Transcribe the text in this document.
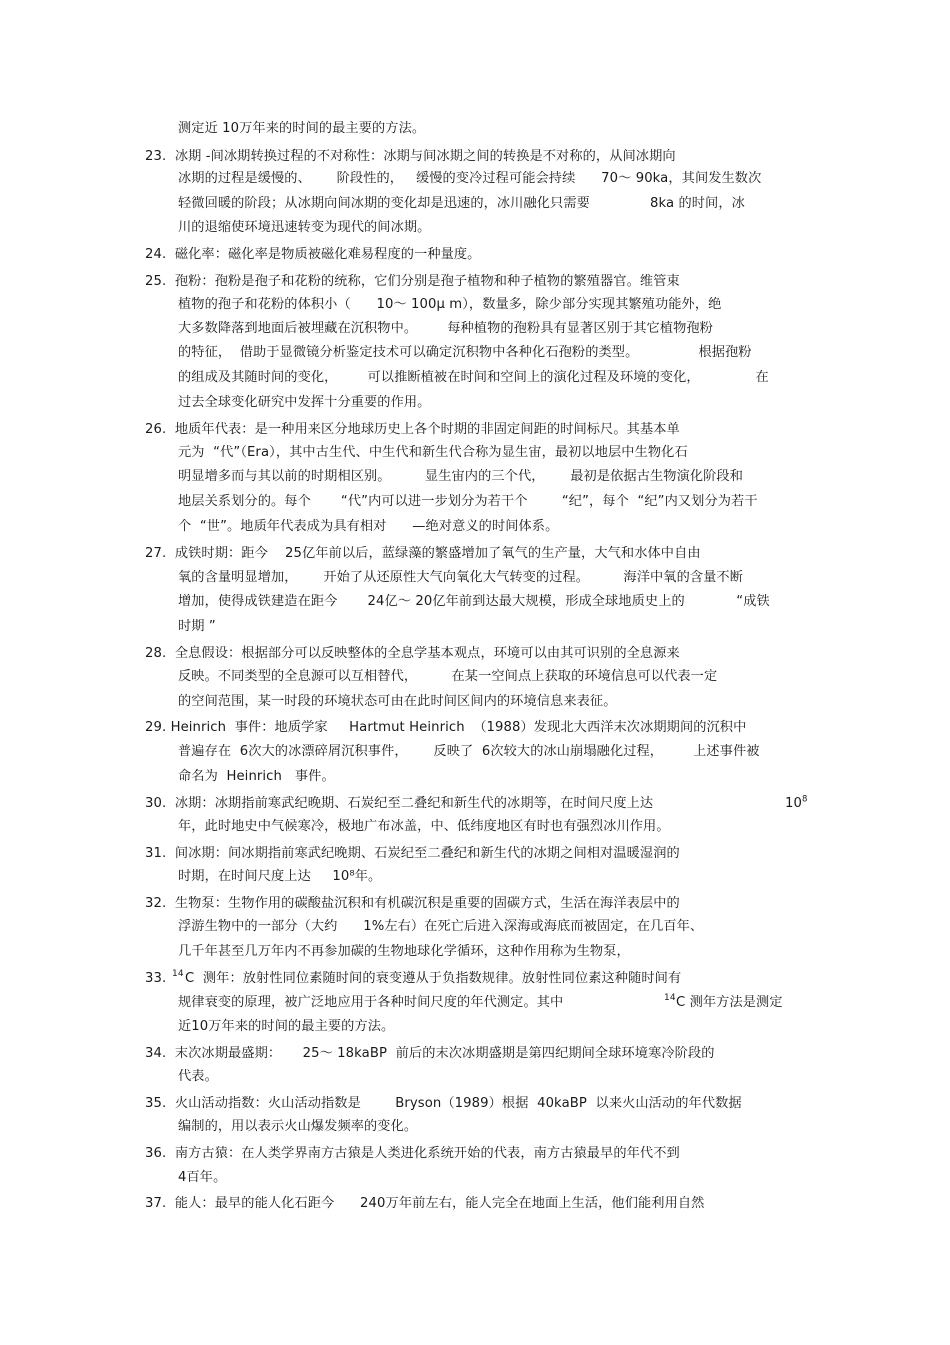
测定近 10万年来的时间的最主要的方法。
23.  冰期 -间冰期转换过程的不对称性：冰期与间冰期之间的转换是不对称的，从间冰期向
冰期的过程是缓慢的、      阶段性的，   缓慢的变冷过程可能会持续      70～ 90ka，其间发生数次
轻微回暖的阶段；从冰期向间冰期的变化却是迅速的，冰川融化只需要              8ka 的时间，冰
川的退缩使环境迅速转变为现代的间冰期。
24.  磁化率：磁化率是物质被磁化难易程度的一种量度。
25.  孢粉：孢粉是孢子和花粉的统称，它们分别是孢子植物和种子植物的繁殖器官。维管束
植物的孢子和花粉的体积小（      10～ 100μ m），数量多，除少部分实现其繁殖功能外，绝
大多数降落到地面后被埋藏在沉积物中。       每种植物的孢粉具有显著区别于其它植物孢粉
的特征，  借助于显微镜分析鉴定技术可以确定沉积物中各种化石孢粉的类型。              根据孢粉
的组成及其随时间的变化，       可以推断植被在时间和空间上的演化过程及环境的变化，             在
过去全球变化研究中发挥十分重要的作用。
26.  地质年代表：是一种用来区分地球历史上各个时期的非固定间距的时间标尺。其基本单
元为  “代”（Era），其中古生代、中生代和新生代合称为显生宙，最初以地层中生物化石
明显增多而与其以前的时期相区别。        显生宙内的三个代，      最初是依据古生物演化阶段和
地层关系划分的。每个       “代”内可以进一步划分为若干个        “纪”，每个  “纪”内又划分为若干
个  “世”。地质年代表成为具有相对      —绝对意义的时间体系。
27.  成铁时期：距今    25亿年前以后，蓝绿藻的繁盛增加了氧气的生产量，大气和水体中自由
氧的含量明显增加，      开始了从还原性大气向氧化大气转变的过程。        海洋中氧的含量不断
增加，使得成铁建造在距今       24亿～ 20亿年前到达最大规模，形成全球地质史上的            “成铁
时期 ”
28.  全息假设：根据部分可以反映整体的全息学基本观点，环境可以由其可识别的全息源来
反映。不同类型的全息源可以互相替代，        在某一空间点上获取的环境信息可以代表一定
的空间范围，某一时段的环境状态可由在此时间区间内的环境信息来表征。
29. Heinrich  事件：地质学家     Hartmut Heinrich  （1988）发现北大西洋末次冰期期间的沉积中
普遍存在  6次大的冰漂碎屑沉积事件，      反映了  6次较大的冰山崩塌融化过程，       上述事件被
命名为  Heinrich   事件。
30.  冰期：冰期指前寒武纪晚期、石炭纪至二叠纪和新生代的冰期等，在时间尺度上达	$10^8$
年，此时地史中气候寒冷，极地广布冰盖，中、低纬度地区有时也有强烈冰川作用。
31.  间冰期：间冰期指前寒武纪晚期、石炭纪至二叠纪和新生代的冰期之间相对温暖湿润的
时期，在时间尺度上达     10⁸年。
32.  生物泵：生物作用的碳酸盐沉积和有机碳沉积是重要的固碳方式，生活在海洋表层中的
浮游生物中的一部分（大约      1%左右）在死亡后进入深海或海底而被固定，在几百年、
几千年甚至几万年内不再参加碳的生物地球化学循环，这种作用称为生物泵，
33. 14 C  测年：放射性同位素随时间的衰变遵从于负指数规律。放射性同位素这种随时间有
规律衰变的原理，被广泛地应用于各种时间尺度的年代测定。其中	14 C 测年方法是测定
近10万年来的时间的最主要的方法。
34.  末次冰期最盛期：     25～ 18kaBP  前后的末次冰期盛期是第四纪期间全球环境寒冷阶段的
代表。
35.  火山活动指数：火山活动指数是        Bryson（1989）根据  40kaBP  以来火山活动的年代数据
编制的，用以表示火山爆发频率的变化。
36.  南方古猿：在人类学界南方古猿是人类进化系统开始的代表，南方古猿最早的年代不到
4百年。
37.  能人：最早的能人化石距今      240万年前左右，能人完全在地面上生活，他们能利用自然
